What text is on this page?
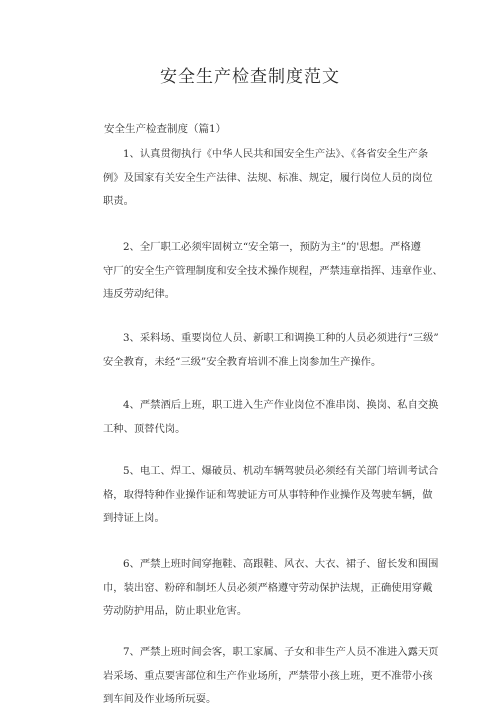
安全生产检查制度范文
安全生产检查制度（篇1）
1、认真贯彻执行《中华人民共和国安全生产法》、《各省安全生产条
例》及国家有关安全生产法律、法规、标准、规定，履行岗位人员的岗位
职责。
2、全厂职工必须牢固树立“安全第一，预防为主”的'思想。严格遵
守厂的安全生产管理制度和安全技术操作规程，严禁违章指挥、违章作业、
违反劳动纪律。
3、采料场、重要岗位人员、新职工和调换工种的人员必须进行“三级”
安全教育，未经“三级”安全教育培训不准上岗参加生产操作。
4、严禁酒后上班，职工进入生产作业岗位不准串岗、换岗、私自交换
工种、顶替代岗。
5、电工、焊工、爆破员、机动车辆驾驶员必须经有关部门培训考试合
格，取得特种作业操作证和驾驶证方可从事特种作业操作及驾驶车辆，做
到持证上岗。
6、严禁上班时间穿拖鞋、高跟鞋、风衣、大衣、裙子、留长发和围围
巾，装出窑、粉碎和制坯人员必须严格遵守劳动保护法规，正确使用穿戴
劳动防护用品，防止职业危害。
7、严禁上班时间会客，职工家属、子女和非生产人员不准进入露天页
岩采场、重点要害部位和生产作业场所，严禁带小孩上班，更不准带小孩
到车间及作业场所玩耍。
